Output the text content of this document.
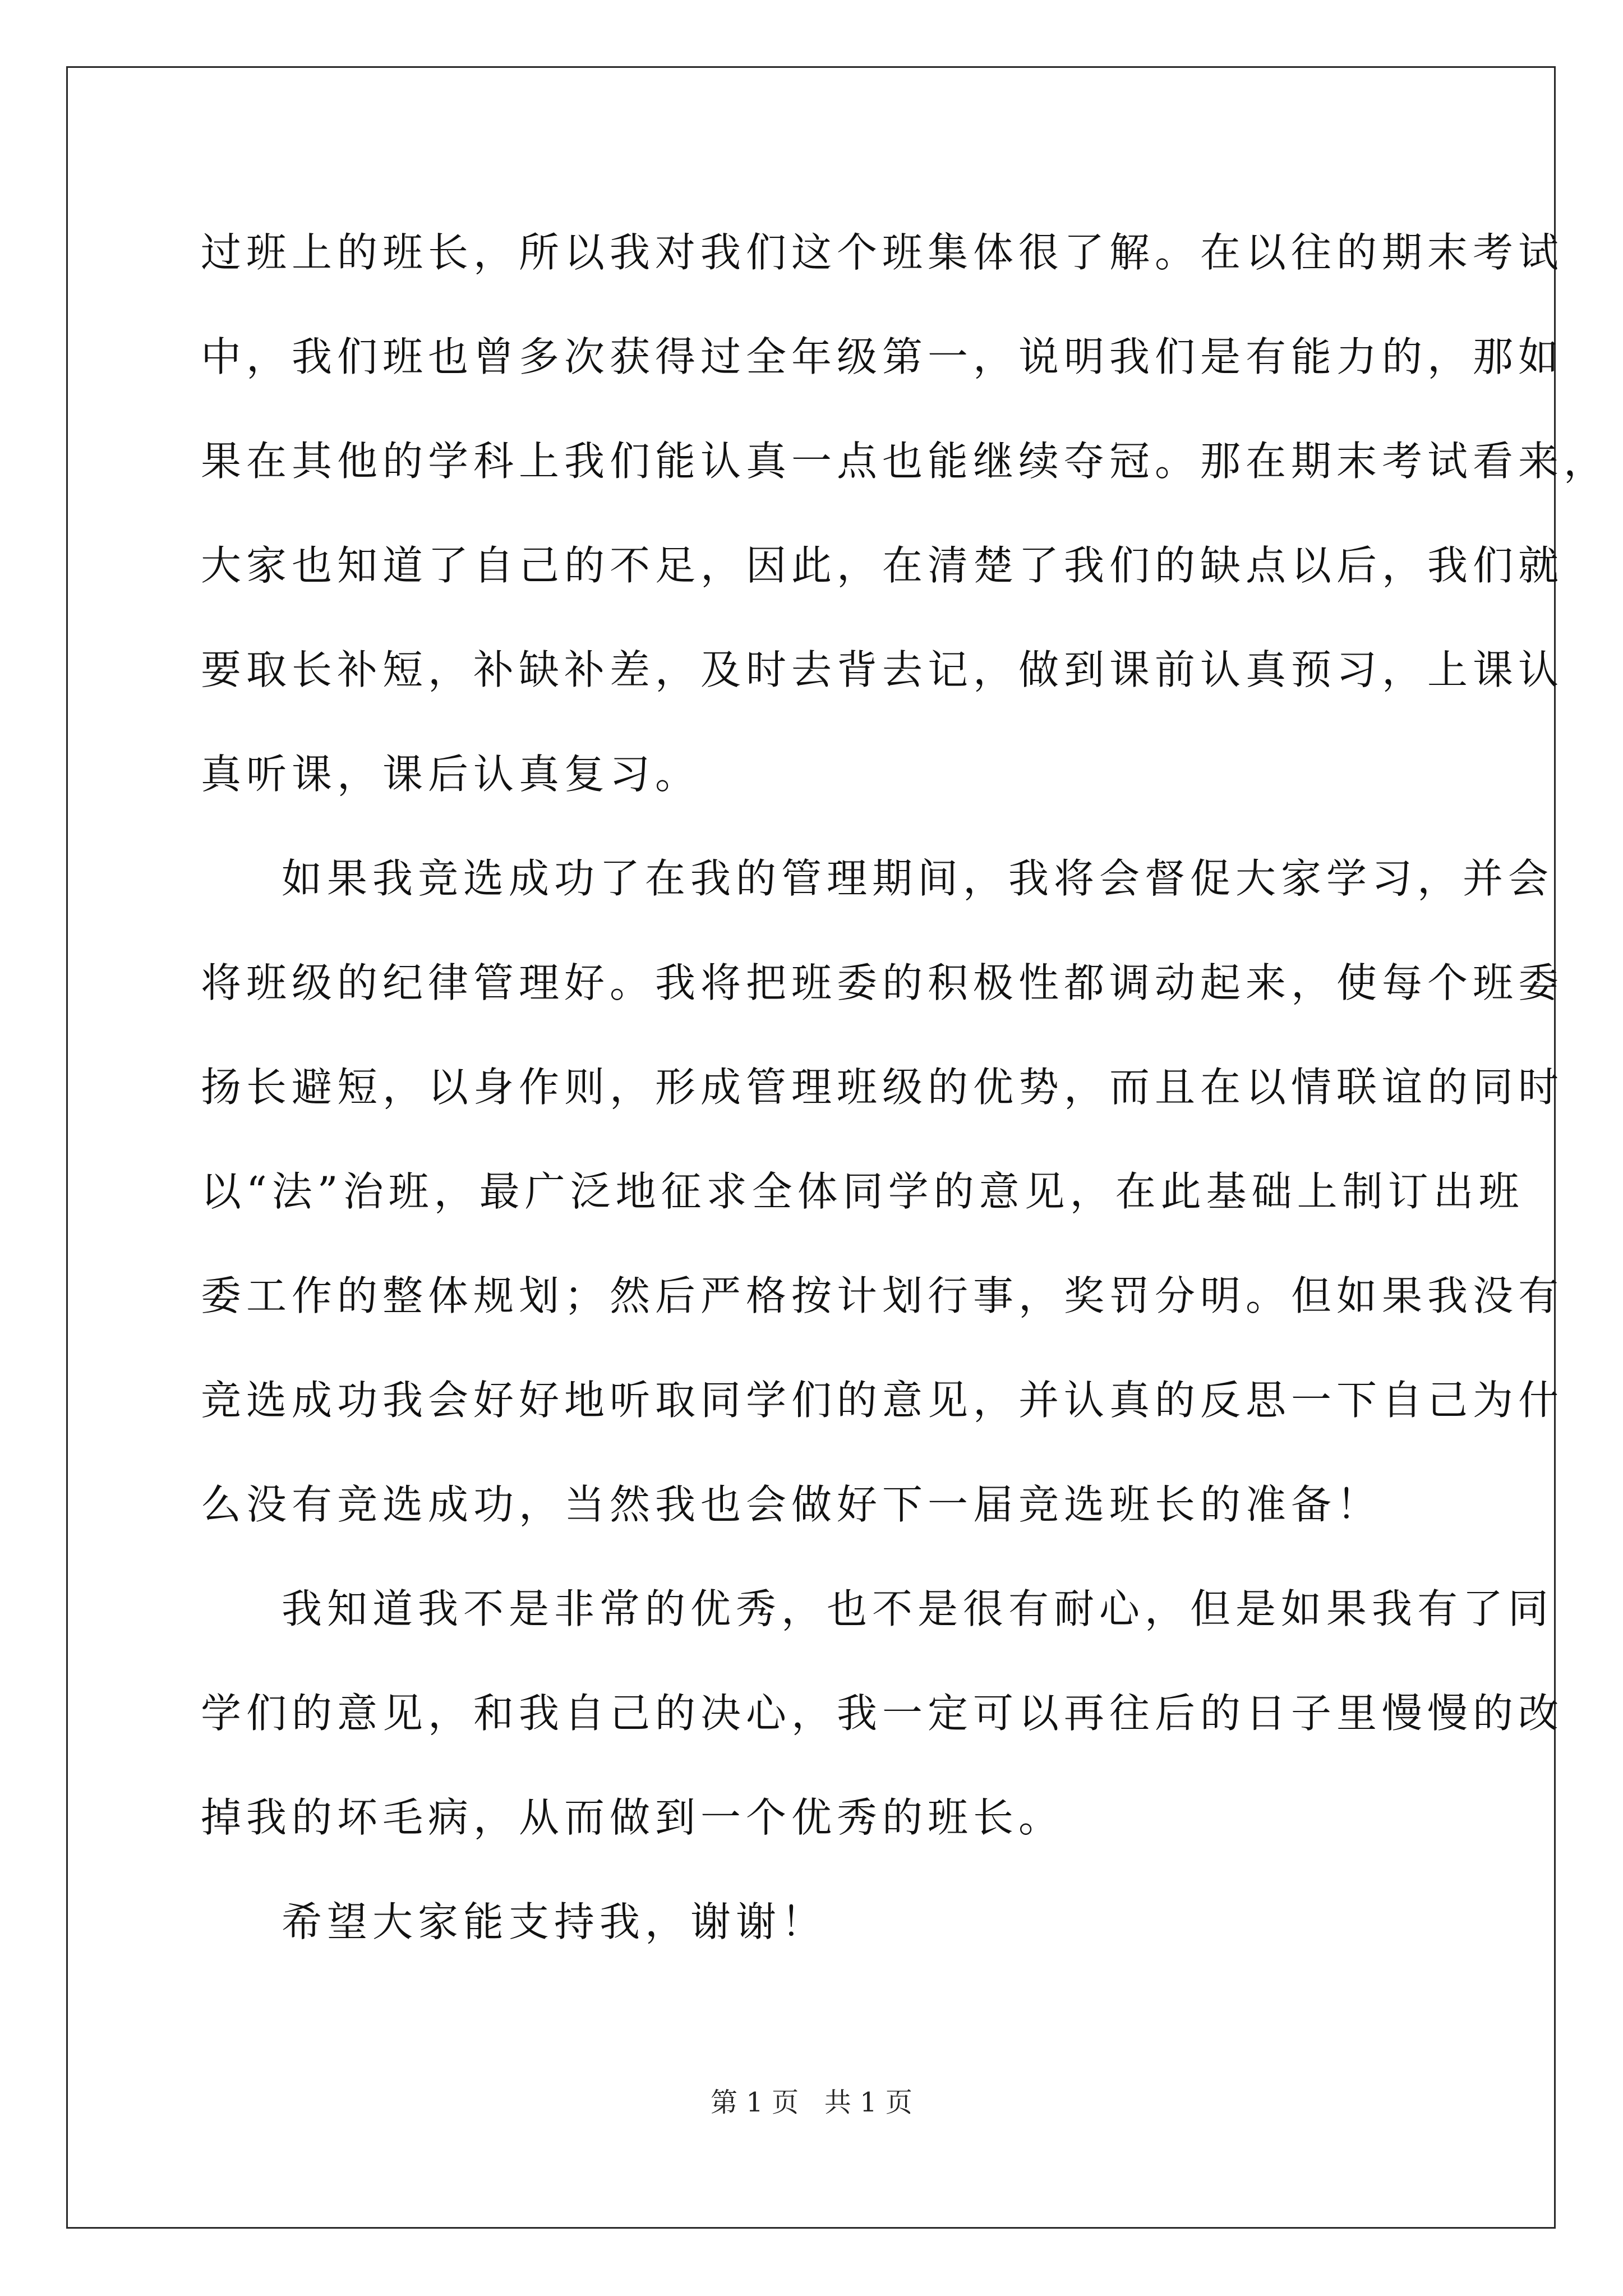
过班上的班长，所以我对我们这个班集体很了解。在以往的期末考试
中，我们班也曾多次获得过全年级第一，说明我们是有能力的，那如
果在其他的学科上我们能认真一点也能继续夺冠。那在期末考试看来，
大家也知道了自己的不足，因此，在清楚了我们的缺点以后，我们就
要取长补短，补缺补差，及时去背去记，做到课前认真预习，上课认
真听课，课后认真复习。
如果我竞选成功了在我的管理期间，我将会督促大家学习，并会
将班级的纪律管理好。我将把班委的积极性都调动起来，使每个班委
扬长避短，以身作则，形成管理班级的优势，而且在以情联谊的同时
以“法”治班，最广泛地征求全体同学的意见，在此基础上制订出班
委工作的整体规划；然后严格按计划行事，奖罚分明。但如果我没有
竞选成功我会好好地听取同学们的意见，并认真的反思一下自己为什
么没有竞选成功，当然我也会做好下一届竞选班长的准备！
我知道我不是非常的优秀，也不是很有耐心，但是如果我有了同
学们的意见，和我自己的决心，我一定可以再往后的日子里慢慢的改
掉我的坏毛病，从而做到一个优秀的班长。
希望大家能支持我，谢谢！
第 1 页   共 1 页
